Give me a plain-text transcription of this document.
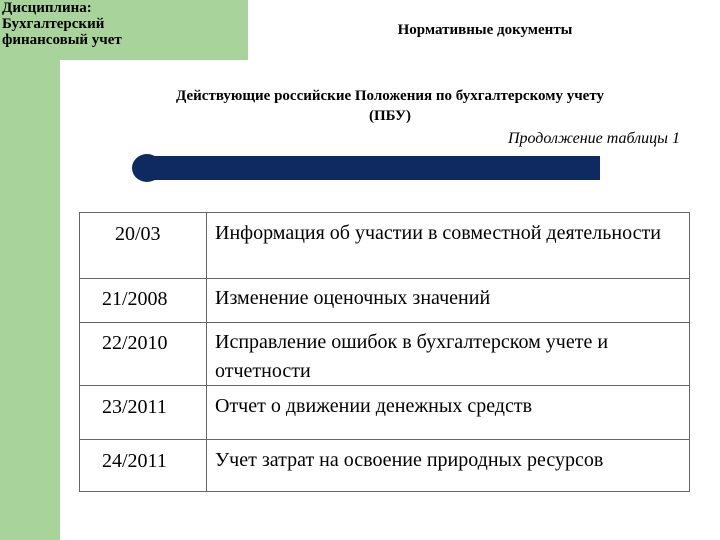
Дисциплина:
Бухгалтерский
финансовый учет
Нормативные документы
Действующие российские Положения по бухгалтерскому учету
(ПБУ)
Продолжение таблицы 1
20/03	Информация об участии в совместной деятельности
21/2008 Изменение оценочных значений
22/2010 Исправление ошибок в бухгалтерском учете и отчетности
23/2011 Отчет о движении денежных средств
24/2011 Учет затрат на освоение природных ресурсов
